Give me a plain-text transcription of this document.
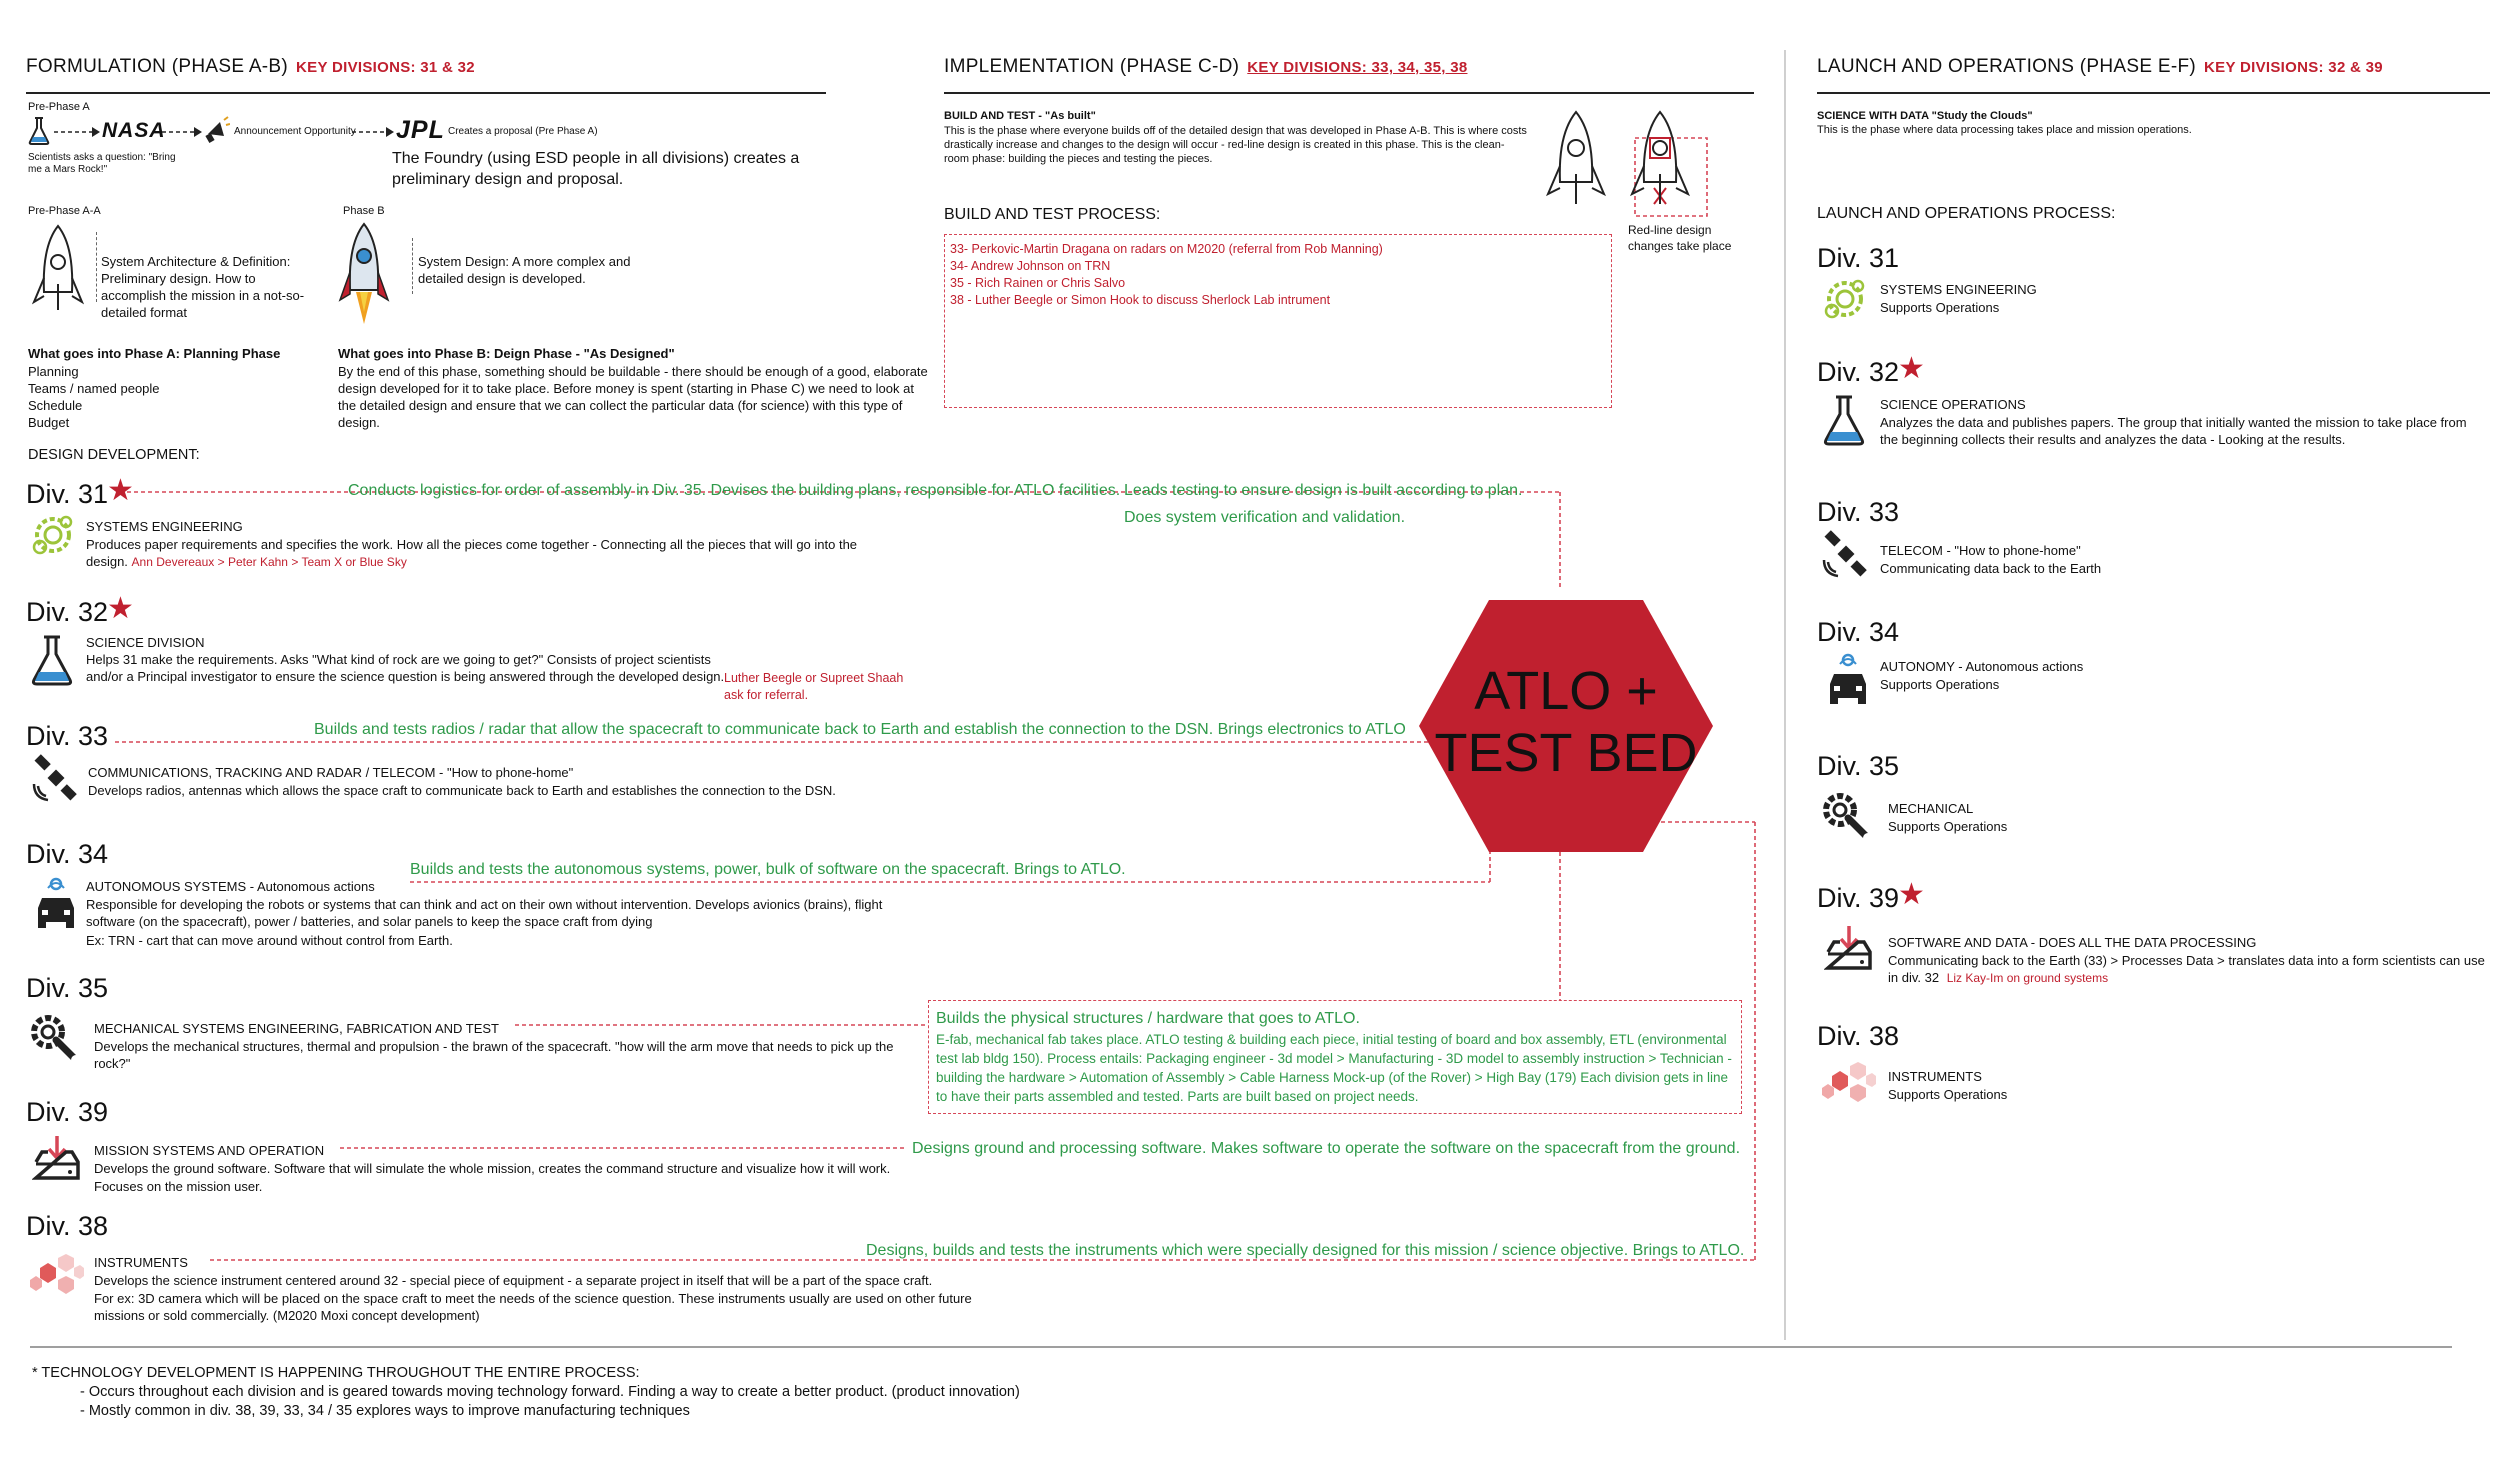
FORMULATION (PHASE A-B) KEY DIVISIONS: 31 & 32	IMPLEMENTATION (PHASE C-D) KEY DIVISIONS: 33, 34, 35, 38	LAUNCH AND OPERATIONS (PHASE E-F) KEY DIVISIONS: 32 & 39
Pre-Phase A
NASA	Announcement Opportunity JPL Creates a proposal (Pre Phase A)
Scientists asks a question: "Bring me a Mars Rock!"
The Foundry (using ESD people in all divisions) creates a preliminary design and proposal.
Pre-Phase A-A	Phase B
System Architecture & Definition: Preliminary design. How to accomplish the mission in a not-so-detailed format
System Design: A more complex and detailed design is developed.
What goes into Phase A: Planning Phase
Planning
Teams / named people
Schedule
Budget
What goes into Phase B: Deign Phase - "As Designed"
By the end of this phase, something should be buildable - there should be enough of a good, elaborate design developed for it to take place. Before money is spent (starting in Phase C) we need to look at the detailed design and ensure that we can collect the particular data (for science) with this type of design.
DESIGN DEVELOPMENT:
Div. 31
★
SYSTEMS ENGINEERING
Produces paper requirements and specifies the work. How all the pieces come together - Connecting all the pieces that will go into the design. Ann Devereaux > Peter Kahn > Team X or Blue Sky
Conducts logistics for order of assembly in Div. 35. Devises the building plans, responsible for ATLO facilities. Leads testing to ensure design is built according to plan.
Does system verification and validation.
Div. 32
★
SCIENCE DIVISION
Helps 31 make the requirements. Asks "What kind of rock are we going to get?" Consists of project scientists and/or a Principal investigator to ensure the science question is being answered through the developed design. Luther Beegle or Supreet Shaah ask for referral.
Div. 33
COMMUNICATIONS, TRACKING AND RADAR / TELECOM - "How to phone-home"
Develops radios, antennas which allows the space craft to communicate back to Earth and establishes the connection to the DSN.
Builds and tests radios / radar that allow the spacecraft to communicate back to Earth and establish the connection to the DSN. Brings electronics to ATLO
Div. 34
AUTONOMOUS SYSTEMS - Autonomous actions
Responsible for developing the robots or systems that can think and act on their own without intervention. Develops avionics (brains), flight software (on the spacecraft), power / batteries, and solar panels to keep the space craft from dying
Ex: TRN - cart that can move around without control from Earth.
Builds and tests the autonomous systems, power, bulk of software on the spacecraft. Brings to ATLO.
Div. 35
MECHANICAL SYSTEMS ENGINEERING, FABRICATION AND TEST
Develops the mechanical structures, thermal and propulsion - the brawn of the spacecraft. "how will the arm move that needs to pick up the rock?"
Builds the physical structures / hardware that goes to ATLO.
E-fab, mechanical fab takes place. ATLO testing & building each piece, initial testing of board and box assembly, ETL (environmental test lab bldg 150). Process entails: Packaging engineer - 3d model > Manufacturing - 3D model to assembly instruction > Technician - building the hardware > Automation of Assembly > Cable Harness Mock-up (of the Rover) > High Bay (179) Each division gets in line to have their parts assembled and tested. Parts are built based on project needs.
Div. 39
MISSION SYSTEMS AND OPERATION
Develops the ground software. Software that will simulate the whole mission, creates the command structure and visualize how it will work.
Focuses on the mission user.
Designs ground and processing software. Makes software to operate the software on the spacecraft from the ground.
Div. 38
INSTRUMENTS
Develops the science instrument centered around 32 - special piece of equipment - a separate project in itself that will be a part of the space craft.
For ex: 3D camera which will be placed on the space craft to meet the needs of the science question. These instruments usually are used on other future missions or sold commercially. (M2020 Moxi concept development)
Designs, builds and tests the instruments which were specially designed for this mission / science objective. Brings to ATLO.
ATLO +
TEST BED
BUILD AND TEST - "As built"
This is the phase where everyone builds off of the detailed design that was developed in Phase A-B. This is where costs drastically increase and changes to the design will occur - red-line design is created in this phase. This is the clean-room phase: building the pieces and testing the pieces.
Red-line design changes take place
BUILD AND TEST PROCESS:
33- Perkovic-Martin Dragana on radars on M2020 (referral from Rob Manning)
34- Andrew Johnson on TRN
35 - Rich Rainen or Chris Salvo
38 - Luther Beegle or Simon Hook to discuss Sherlock Lab intrument
SCIENCE WITH DATA "Study the Clouds"
This is the phase where data processing takes place and mission operations.
LAUNCH AND OPERATIONS PROCESS:
Div. 31
SYSTEMS ENGINEERING
Supports Operations
Div. 32
★
SCIENCE OPERATIONS
Analyzes the data and publishes papers. The group that initially wanted the mission to take place from the beginning collects their results and analyzes the data - Looking at the results.
Div. 33
TELECOM - "How to phone-home"
Communicating data back to the Earth
Div. 34
AUTONOMY - Autonomous actions
Supports Operations
Div. 35
MECHANICAL
Supports Operations
Div. 39
★
SOFTWARE AND DATA - DOES ALL THE DATA PROCESSING
Communicating back to the Earth (33) > Processes Data > translates data into a form scientists can use in div. 32 Liz Kay-Im on ground systems
Div. 38
INSTRUMENTS
Supports Operations
* TECHNOLOGY DEVELOPMENT IS HAPPENING THROUGHOUT THE ENTIRE PROCESS:
- Occurs throughout each division and is geared towards moving technology forward. Finding a way to create a better product. (product innovation)
- Mostly common in div. 38, 39, 33, 34 / 35 explores ways to improve manufacturing techniques
